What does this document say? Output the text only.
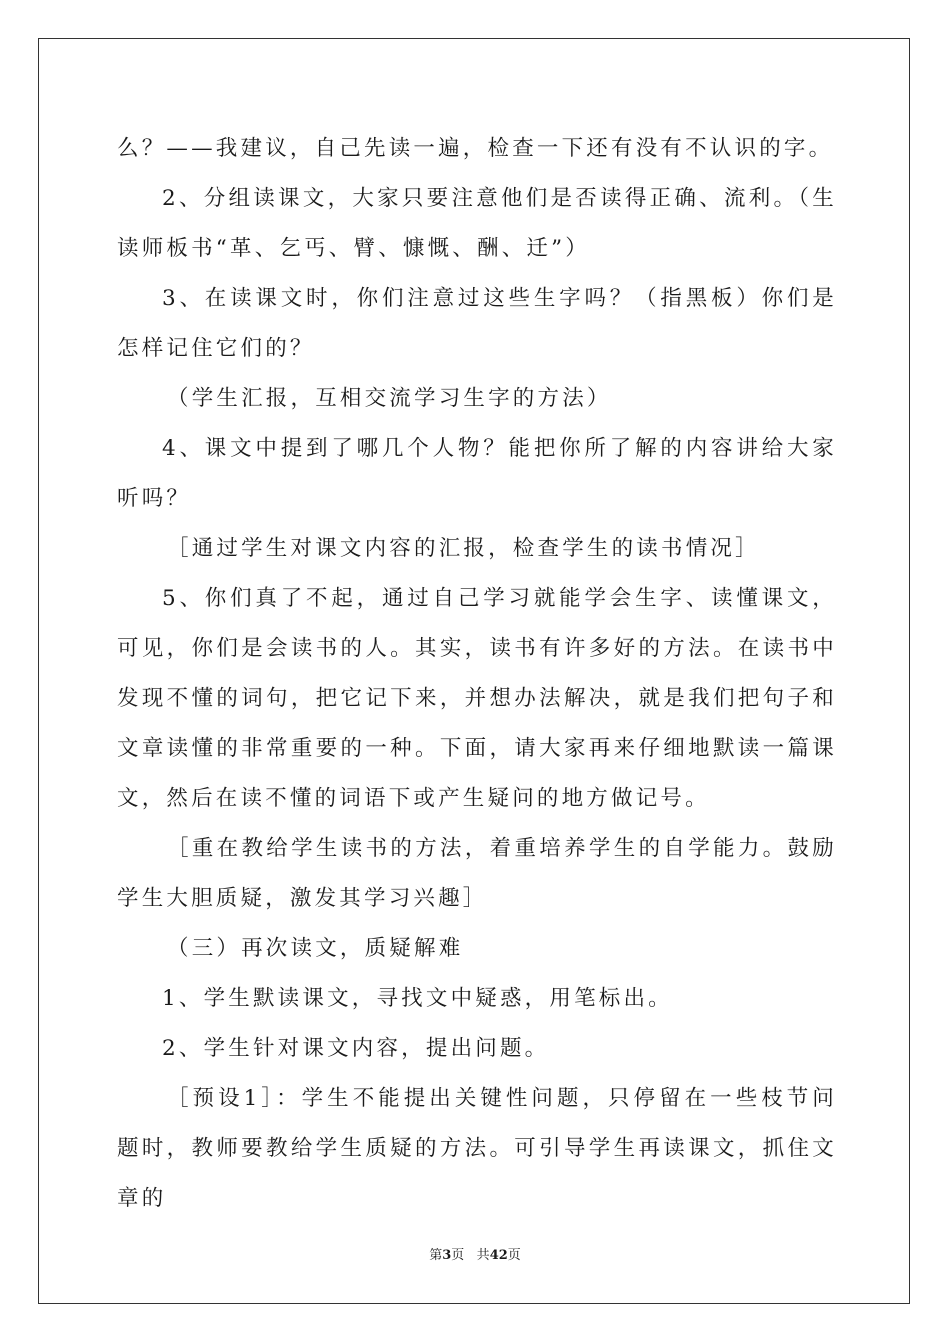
么？——我建议，自己先读一遍，检查一下还有没有不认识的字。

2、分组读课文，大家只要注意他们是否读得正确、流利。（生读师板书“革、乞丐、臂、慷慨、酬、迁”）

3、在读课文时，你们注意过这些生字吗？（指黑板）你们是怎样记住它们的？

（学生汇报，互相交流学习生字的方法）

4、课文中提到了哪几个人物？能把你所了解的内容讲给大家听吗？

［通过学生对课文内容的汇报，检查学生的读书情况］

5、你们真了不起，通过自己学习就能学会生字、读懂课文，可见，你们是会读书的人。其实，读书有许多好的方法。在读书中发现不懂的词句，把它记下来，并想办法解决，就是我们把句子和文章读懂的非常重要的一种。下面，请大家再来仔细地默读一篇课文，然后在读不懂的词语下或产生疑问的地方做记号。

［重在教给学生读书的方法，着重培养学生的自学能力。鼓励学生大胆质疑，激发其学习兴趣］

（三）再次读文，质疑解难

1、学生默读课文，寻找文中疑惑，用笔标出。

2、学生针对课文内容，提出问题。

［预设1］：学生不能提出关键性问题，只停留在一些枝节问题时，教师要教给学生质疑的方法。可引导学生再读课文，抓住文章的

第3页 共42页
